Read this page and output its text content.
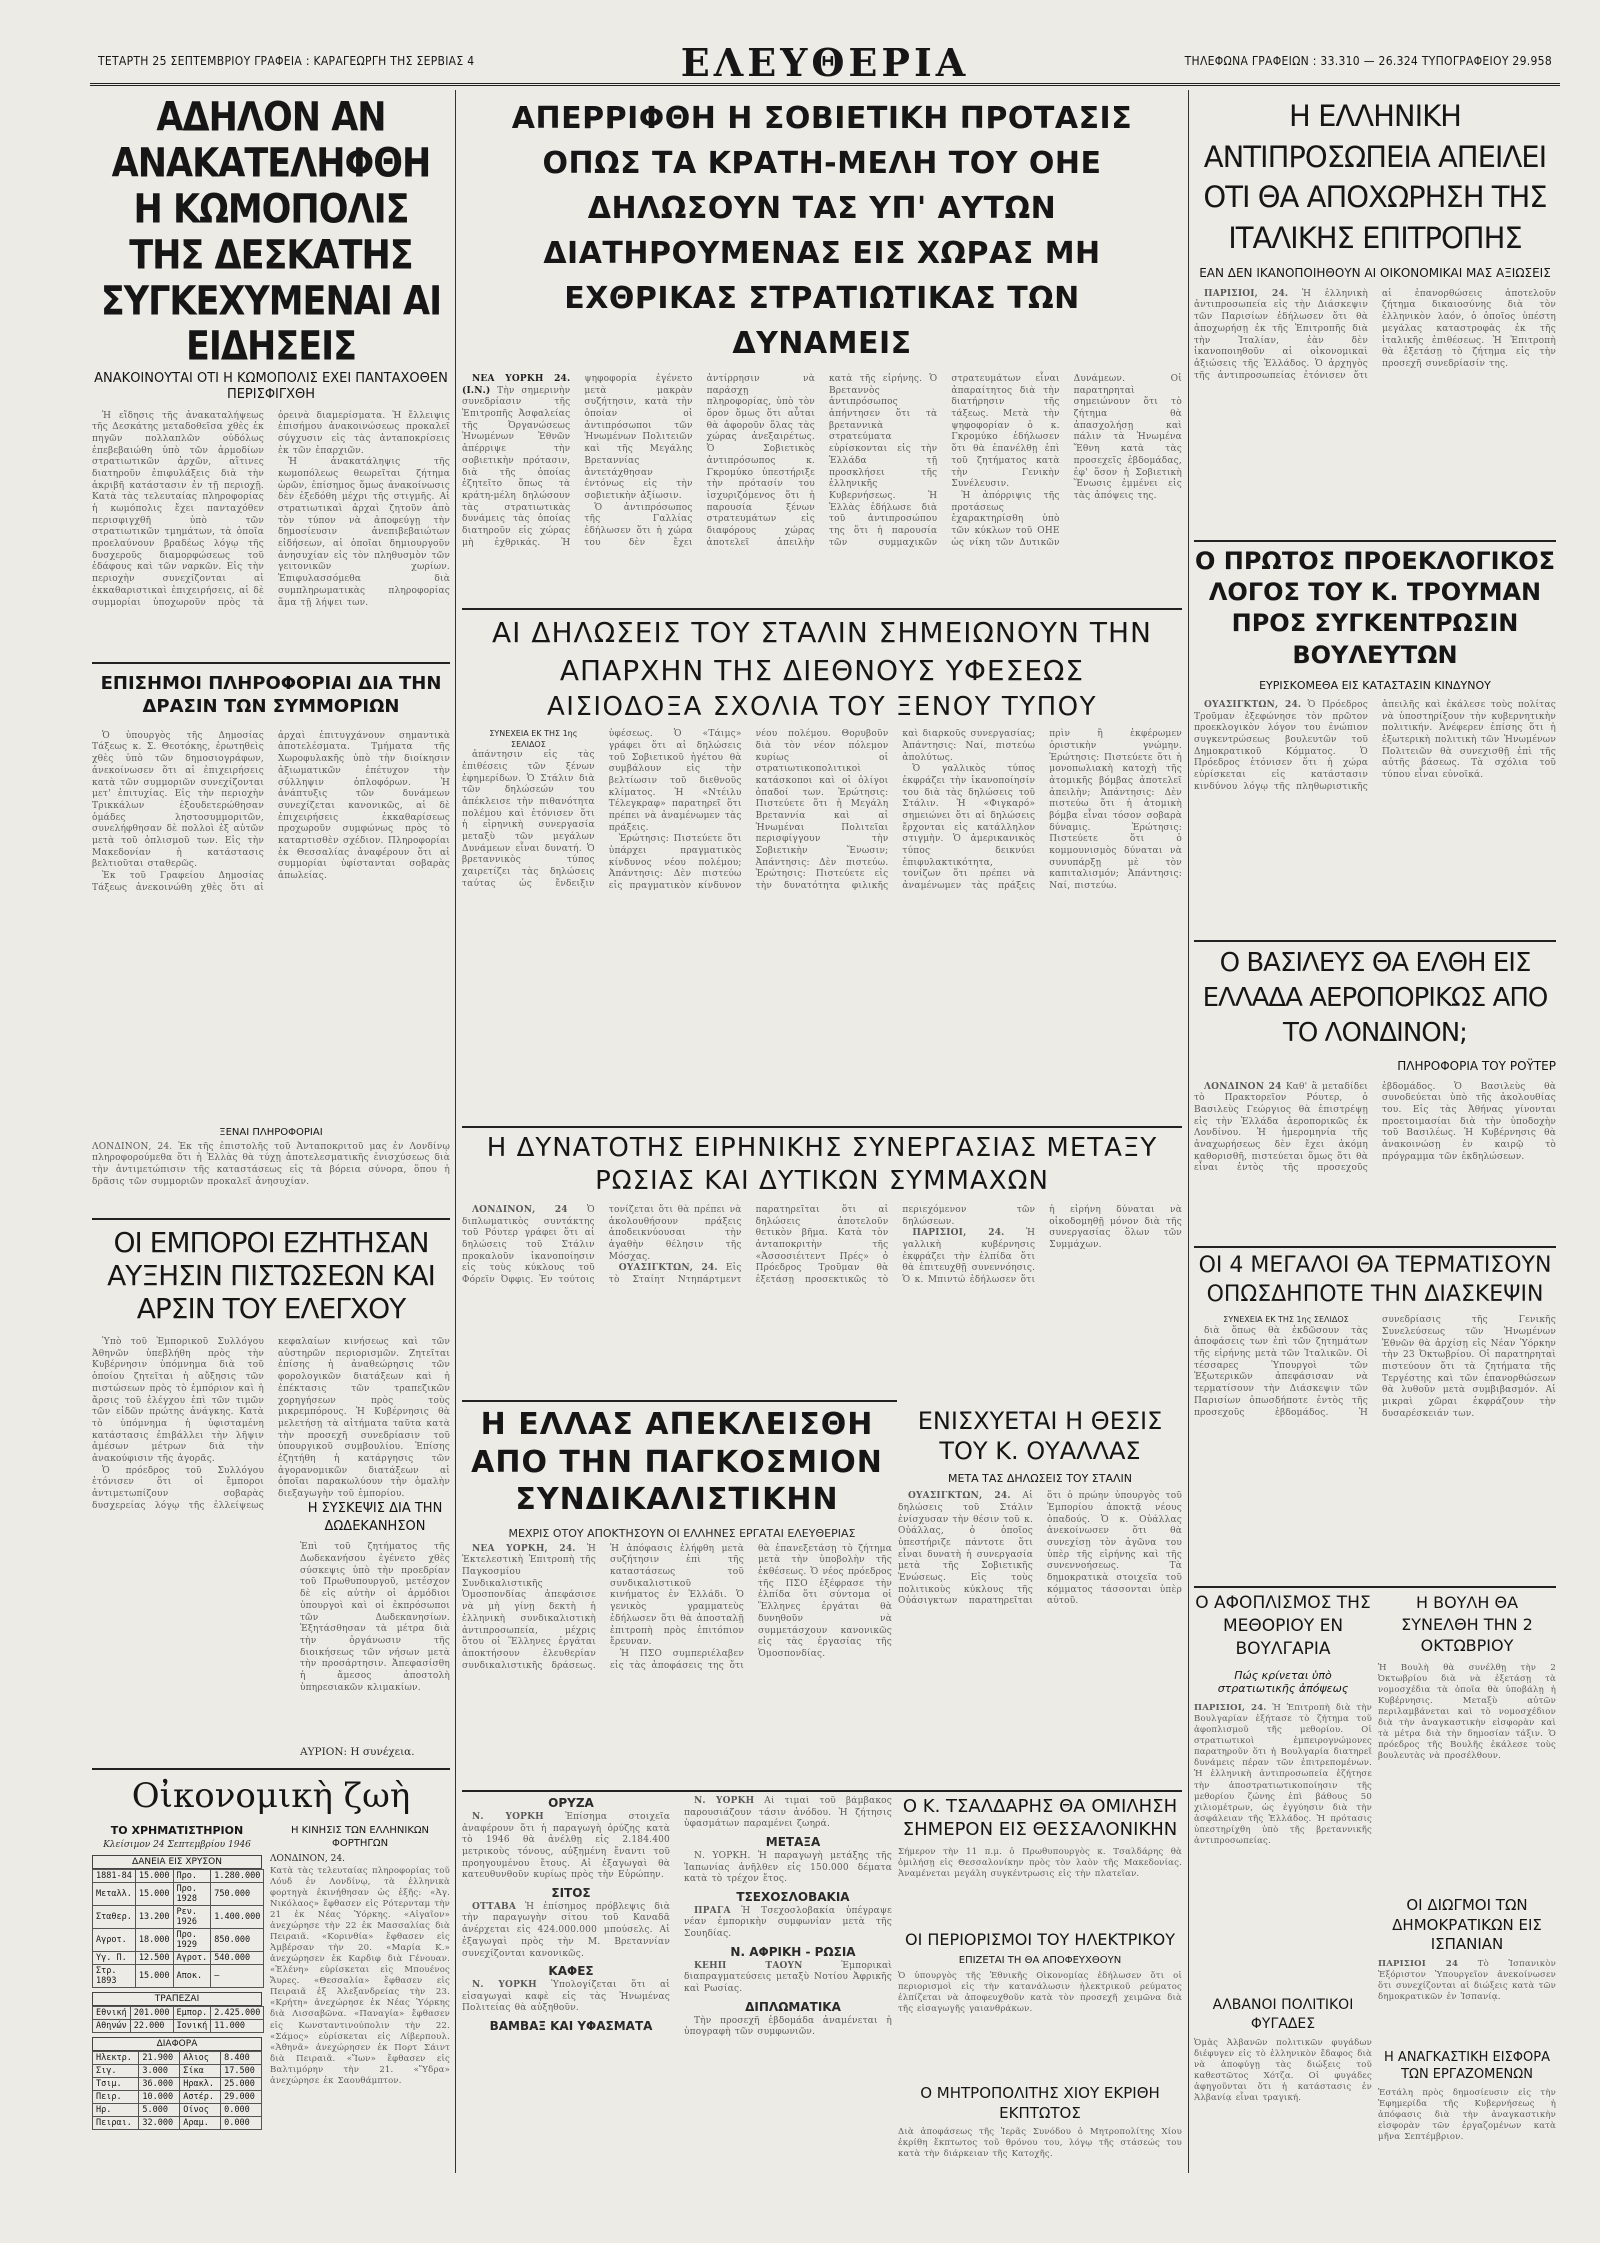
ΤΕΤΑΡΤΗ 25 ΣΕΠΤΕΜΒΡΙΟΥ ΓΡΑΦΕΙΑ : ΚΑΡΑΓΕΩΡΓΗ ΤΗΣ ΣΕΡΒΙΑΣ 4	ΕΛΕΥΘΕΡΙΑ	ΤΗΛΕΦΩΝΑ ΓΡΑΦΕΙΩΝ : 33.310 — 26.324 ΤΥΠΟΓΡΑΦΕΙΟΥ 29.958
ΑΔΗΛΟΝ ΑΝ ΑΝΑΚΑΤΕΛΗΦΘΗ Η ΚΩΜΟΠΟΛΙΣ ΤΗΣ ΔΕΣΚΑΤΗΣ ΣΥΓΚΕΧΥΜΕΝΑΙ ΑΙ ΕΙΔΗΣΕΙΣ
ΑΝΑΚΟΙΝΟΥΤΑΙ ΟΤΙ Η ΚΩΜΟΠΟΛΙΣ ΕΧΕΙ ΠΑΝΤΑΧΟΘΕΝ ΠΕΡΙΣΦΙΓΧΘΗ

Ἡ εἴδησις τῆς ἀνακαταλήψεως τῆς Δεσκάτης μεταδοθεῖσα χθὲς ἐκ πηγῶν πολλαπλῶν οὐδόλως ἐπεβεβαιώθη ὑπὸ τῶν ἁρμοδίων στρατιωτικῶν ἀρχῶν, αἵτινες διατηροῦν ἐπιφυλάξεις διὰ τὴν ἀκριβῆ κατάστασιν ἐν τῇ περιοχῇ. Κατὰ τὰς τελευταίας πληροφορίας ἡ κωμόπολις ἔχει πανταχόθεν περισφιγχθῆ ὑπὸ τῶν στρατιωτικῶν τμημάτων, τὰ ὁποῖα προελαύνουν βραδέως λόγῳ τῆς δυσχεροῦς διαμορφώσεως τοῦ ἐδάφους καὶ τῶν ναρκῶν. Εἰς τὴν περιοχὴν συνεχίζονται αἱ ἐκκαθαριστικαὶ ἐπιχειρήσεις, αἱ δὲ συμμορίαι ὑποχωροῦν πρὸς τὰ ὀρεινὰ διαμερίσματα. Ἡ ἔλλειψις ἐπισήμου ἀνακοινώσεως προκαλεῖ σύγχυσιν εἰς τὰς ἀνταποκρίσεις ἐκ τῶν ἐπαρχιῶν.

Ἡ ἀνακατάληψις τῆς κωμοπόλεως θεωρεῖται ζήτημα ὡρῶν, ἐπίσημος ὅμως ἀνακοίνωσις δὲν ἐξεδόθη μέχρι τῆς στιγμῆς. Αἱ στρατιωτικαὶ ἀρχαὶ ζητοῦν ἀπὸ τὸν τύπον νὰ ἀποφεύγῃ τὴν δημοσίευσιν ἀνεπιβεβαιώτων εἰδήσεων, αἱ ὁποῖαι δημιουργοῦν ἀνησυχίαν εἰς τὸν πληθυσμὸν τῶν γειτονικῶν χωρίων. Ἐπιφυλασσόμεθα διὰ συμπληρωματικὰς πληροφορίας ἅμα τῇ λήψει των.

ΕΠΙΣΗΜΟΙ ΠΛΗΡΟΦΟΡΙΑΙ ΔΙΑ ΤΗΝ ΔΡΑΣΙΝ ΤΩΝ ΣΥΜΜΟΡΙΩΝ

Ὁ ὑπουργὸς τῆς Δημοσίας Τάξεως κ. Σ. Θεοτόκης, ἐρωτηθεὶς χθὲς ὑπὸ τῶν δημοσιογράφων, ἀνεκοίνωσεν ὅτι αἱ ἐπιχειρήσεις κατὰ τῶν συμμοριῶν συνεχίζονται μετ' ἐπιτυχίας. Εἰς τὴν περιοχὴν Τρικκάλων ἐξουδετερώθησαν ὁμάδες ληστοσυμμοριτῶν, συνελήφθησαν δὲ πολλοὶ ἐξ αὐτῶν μετὰ τοῦ ὁπλισμοῦ των. Εἰς τὴν Μακεδονίαν ἡ κατάστασις βελτιοῦται σταθερῶς.

Ἐκ τοῦ Γραφείου Δημοσίας Τάξεως ἀνεκοινώθη χθὲς ὅτι αἱ ἀρχαὶ ἐπιτυγχάνουν σημαντικὰ ἀποτελέσματα. Τμήματα τῆς Χωροφυλακῆς ὑπὸ τὴν διοίκησιν ἀξιωματικῶν ἐπέτυχον τὴν σύλληψιν ὁπλοφόρων. Ἡ ἀνάπτυξις τῶν δυνάμεων συνεχίζεται κανονικῶς, αἱ δὲ ἐπιχειρήσεις ἐκκαθαρίσεως προχωροῦν συμφώνως πρὸς τὸ καταρτισθὲν σχέδιον. Πληροφορίαι ἐκ Θεσσαλίας ἀναφέρουν ὅτι αἱ συμμορίαι ὑφίστανται σοβαρὰς ἀπωλείας.

ΞΕΝΑΙ ΠΛΗΡΟΦΟΡΙΑΙ
ΛΟΝΔΙΝΟΝ, 24. Ἐκ τῆς ἐπιστολῆς τοῦ Ἀνταποκριτοῦ μας ἐν Λονδίνῳ πληροφορούμεθα ὅτι ἡ Ἑλλὰς θὰ τύχῃ ἀποτελεσματικῆς ἐνισχύσεως διὰ τὴν ἀντιμετώπισιν τῆς καταστάσεως εἰς τὰ βόρεια σύνορα, ὅπου ἡ δρᾶσις τῶν συμμοριῶν προκαλεῖ ἀνησυχίαν.
ΟΙ ΕΜΠΟΡΟΙ ΕΖΗΤΗΣΑΝ ΑΥΞΗΣΙΝ ΠΙΣΤΩΣΕΩΝ ΚΑΙ ΑΡΣΙΝ ΤΟΥ ΕΛΕΓΧΟΥ

Ὑπὸ τοῦ Ἐμπορικοῦ Συλλόγου Ἀθηνῶν ὑπεβλήθη πρὸς τὴν Κυβέρνησιν ὑπόμνημα διὰ τοῦ ὁποίου ζητεῖται ἡ αὔξησις τῶν πιστώσεων πρὸς τὸ ἐμπόριον καὶ ἡ ἄρσις τοῦ ἐλέγχου ἐπὶ τῶν τιμῶν τῶν εἰδῶν πρώτης ἀνάγκης. Κατὰ τὸ ὑπόμνημα ἡ ὑφισταμένη κατάστασις ἐπιβάλλει τὴν λῆψιν ἀμέσων μέτρων διὰ τὴν ἀνακούφισιν τῆς ἀγορᾶς.

Ὁ πρόεδρος τοῦ Συλλόγου ἐτόνισεν ὅτι οἱ ἔμποροι ἀντιμετωπίζουν σοβαρὰς δυσχερείας λόγῳ τῆς ἐλλείψεως κεφαλαίων κινήσεως καὶ τῶν αὐστηρῶν περιορισμῶν. Ζητεῖται ἐπίσης ἡ ἀναθεώρησις τῶν φορολογικῶν διατάξεων καὶ ἡ ἐπέκτασις τῶν τραπεζικῶν χορηγήσεων πρὸς τοὺς μικρεμπόρους. Ἡ Κυβέρνησις θὰ μελετήσῃ τὰ αἰτήματα ταῦτα κατὰ τὴν προσεχῆ συνεδρίασιν τοῦ ὑπουργικοῦ συμβουλίου. Ἐπίσης ἐζητήθη ἡ κατάργησις τῶν ἀγορανομικῶν διατάξεων αἱ ὁποῖαι παρακωλύουν τὴν ὁμαλὴν διεξαγωγὴν τοῦ ἐμπορίου.

Η ΣΥΣΚΕΨΙΣ ΔΙΑ ΤΗΝ ΔΩΔΕΚΑΝΗΣΟΝ
Ἐπὶ τοῦ ζητήματος τῆς Δωδεκανήσου ἐγένετο χθὲς σύσκεψις ὑπὸ τὴν προεδρίαν τοῦ Πρωθυπουργοῦ, μετέσχον δὲ εἰς αὐτὴν οἱ ἁρμόδιοι ὑπουργοὶ καὶ οἱ ἐκπρόσωποι τῶν Δωδεκανησίων. Ἐξητάσθησαν τὰ μέτρα διὰ τὴν ὀργάνωσιν τῆς διοικήσεως τῶν νήσων μετὰ τὴν προσάρτησιν. Ἀπεφασίσθη ἡ ἄμεσος ἀποστολὴ ὑπηρεσιακῶν κλιμακίων.
ΑΥΡΙΟΝ: Η συνέχεια.
Οἰκονομικὴ ζωὴ
ΤΟ ΧΡΗΜΑΤΙΣΤΗΡΙΟΝ
Κλείσιμον 24 Σεπτεμβρίου 1946
ΔΑΝΕΙΑ ΕΙΣ ΧΡΥΣΟΝ
1881-84	15.000	Προ.	1.280.000
Μεταλλ.	15.000	Προ. 1928	750.000
Σταθερ.	13.200	Ρεν. 1926	1.400.000
Αγροτ.	18.000	Προ. 1929	850.000
Υγ. Π.	12.500	Αγροτ.	540.000
Στρ. 1893	15.000	Αποκ.	—
ΤΡΑΠΕΖΑΙ
Εθνική	201.000	Εμπορ.	2.425.000
Αθηνών	22.000	Ιονική	11.000
ΔΙΑΦΟΡΑ
Ηλεκτρ.	21.900	Αλιος	8.400
Σιγ.	3.000	Σίκα	17.500
Τσιμ.	36.000	Ηρακλ.	25.000
Πειρ.	10.000	Αστέρ.	29.000
Ηρ.	5.000	Οίνος	0.000
Πειραι.	32.000	Αραμ.	0.000
Η ΚΙΝΗΣΙΣ ΤΩΝ ΕΛΛΗΝΙΚΩΝ ΦΟΡΤΗΓΩΝ
ΛΟΝΔΙΝΟΝ, 24.
Κατὰ τὰς τελευταίας πληροφορίας τοῦ Λόυδ ἐν Λονδίνῳ, τὰ ἑλληνικὰ φορτηγὰ ἐκινήθησαν ὡς ἑξῆς: «Ἀγ. Νικόλαος» ἔφθασεν εἰς Ρότερνταμ τὴν 21 ἐκ Νέας Ὑόρκης. «Αἰγαῖον» ἀνεχώρησε τὴν 22 ἐκ Μασσαλίας διὰ Πειραιᾶ. «Κορινθία» ἔφθασεν εἰς Ἀμβέρσαν τὴν 20. «Μαρία Κ.» ἀνεχώρησεν ἐκ Καρδιφ διὰ Γένουαν. «Ἑλένη» εὑρίσκεται εἰς Μπουένος Ἄυρες. «Θεσσαλία» ἔφθασεν εἰς Πειραιᾶ ἐξ Ἀλεξανδρείας τὴν 23. «Κρήτη» ἀνεχώρησε ἐκ Νέας Ὑόρκης διὰ Λισσαβῶνα. «Παναγία» ἔφθασεν εἰς Κωνσταντινούπολιν τὴν 22. «Σάμος» εὑρίσκεται εἰς Λίβερπουλ. «Ἀθηνᾶ» ἀνεχώρησεν ἐκ Πορτ Σάιντ διὰ Πειραιᾶ. «Ἴων» ἔφθασεν εἰς Βαλτιμόρην τὴν 21. «Ὕδρα» ἀνεχώρησε ἐκ Σαουθάμπτον.
ΑΠΕΡΡΙΦΘΗ Η ΣΟΒΙΕΤΙΚΗ ΠΡΟΤΑΣΙΣ ΟΠΩΣ ΤΑ ΚΡΑΤΗ-ΜΕΛΗ ΤΟΥ ΟΗΕ ΔΗΛΩΣΟΥΝ ΤΑΣ ΥΠ' ΑΥΤΩΝ ΔΙΑΤΗΡΟΥΜΕΝΑΣ ΕΙΣ ΧΩΡΑΣ ΜΗ ΕΧΘΡΙΚΑΣ ΣΤΡΑΤΙΩΤΙΚΑΣ ΤΩΝ ΔΥΝΑΜΕΙΣ

ΝΕΑ ΥΟΡΚΗ 24. (Ι.Ν.) Τὴν σημερινὴν συνεδρίασιν τῆς Ἐπιτροπῆς Ἀσφαλείας τῆς Ὀργανώσεως Ἡνωμένων Ἐθνῶν ἀπέρριψε τὴν σοβιετικὴν πρότασιν, διὰ τῆς ὁποίας ἐζητεῖτο ὅπως τὰ κράτη-μέλη δηλώσουν τὰς στρατιωτικὰς δυνάμεις τὰς ὁποίας διατηροῦν εἰς χώρας μὴ ἐχθρικάς. Ἡ ψηφοφορία ἐγένετο μετὰ μακρὰν συζήτησιν, κατὰ τὴν ὁποίαν οἱ ἀντιπρόσωποι τῶν Ἡνωμένων Πολιτειῶν καὶ τῆς Μεγάλης Βρεταννίας ἀντετάχθησαν ἐντόνως εἰς τὴν σοβιετικὴν ἀξίωσιν.

Ὁ ἀντιπρόσωπος τῆς Γαλλίας ἐδήλωσεν ὅτι ἡ χώρα του δὲν ἔχει ἀντίρρησιν νὰ παράσχῃ πληροφορίας, ὑπὸ τὸν ὅρον ὅμως ὅτι αὗται θὰ ἀφοροῦν ὅλας τὰς χώρας ἀνεξαιρέτως. Ὁ Σοβιετικὸς ἀντιπρόσωπος κ. Γκρομύκο ὑπεστήριξε τὴν πρότασίν του ἰσχυριζόμενος ὅτι ἡ παρουσία ξένων στρατευμάτων εἰς διαφόρους χώρας ἀποτελεῖ ἀπειλὴν κατὰ τῆς εἰρήνης. Ὁ Βρεταννὸς ἀντιπρόσωπος ἀπήντησεν ὅτι τὰ βρεταννικὰ στρατεύματα εὑρίσκονται εἰς τὴν Ἑλλάδα τῇ προσκλήσει τῆς ἑλληνικῆς Κυβερνήσεως. Ἡ Ἑλλὰς ἐδήλωσε διὰ τοῦ ἀντιπροσώπου της ὅτι ἡ παρουσία τῶν συμμαχικῶν στρατευμάτων εἶναι ἀπαραίτητος διὰ τὴν διατήρησιν τῆς τάξεως. Μετὰ τὴν ψηφοφορίαν ὁ κ. Γκρομύκο ἐδήλωσεν ὅτι θὰ ἐπανέλθῃ ἐπὶ τοῦ ζητήματος κατὰ τὴν Γενικὴν Συνέλευσιν.

Ἡ ἀπόρριψις τῆς προτάσεως ἐχαρακτηρίσθη ὑπὸ τῶν κύκλων τοῦ ΟΗΕ ὡς νίκη τῶν Δυτικῶν Δυνάμεων. Οἱ παρατηρηταὶ σημειώνουν ὅτι τὸ ζήτημα θὰ ἀπασχολήσῃ καὶ πάλιν τὰ Ἡνωμένα Ἔθνη κατὰ τὰς προσεχεῖς ἑβδομάδας, ἐφ' ὅσον ἡ Σοβιετικὴ Ἕνωσις ἐμμένει εἰς τὰς ἀπόψεις της.

ΑΙ ΔΗΛΩΣΕΙΣ ΤΟΥ ΣΤΑΛΙΝ ΣΗΜΕΙΩΝΟΥΝ ΤΗΝ ΑΠΑΡΧΗΝ ΤΗΣ ΔΙΕΘΝΟΥΣ ΥΦΕΣΕΩΣ
ΑΙΣΙΟΔΟΞΑ ΣΧΟΛΙΑ ΤΟΥ ΞΕΝΟΥ ΤΥΠΟΥ

ΣΥΝΕΧΕΙΑ ΕΚ ΤΗΣ 1ης ΣΕΛΙΔΟΣ

ἀπάντησιν εἰς τὰς ἐπιθέσεις τῶν ξένων ἐφημερίδων. Ὁ Στάλιν διὰ τῶν δηλώσεών του ἀπέκλεισε τὴν πιθανότητα πολέμου καὶ ἐτόνισεν ὅτι ἡ εἰρηνικὴ συνεργασία μεταξὺ τῶν μεγάλων Δυνάμεων εἶναι δυνατή. Ὁ βρεταννικὸς τύπος χαιρετίζει τὰς δηλώσεις ταύτας ὡς ἔνδειξιν ὑφέσεως. Ὁ «Τάιμς» γράφει ὅτι αἱ δηλώσεις τοῦ Σοβιετικοῦ ἡγέτου θὰ συμβάλουν εἰς τὴν βελτίωσιν τοῦ διεθνοῦς κλίματος. Ἡ «Ντέιλυ Τέλεγκραφ» παρατηρεῖ ὅτι πρέπει νὰ ἀναμένωμεν τὰς πράξεις.

Ἐρώτησις: Πιστεύετε ὅτι ὑπάρχει πραγματικὸς κίνδυνος νέου πολέμου; Ἀπάντησις: Δὲν πιστεύω εἰς πραγματικὸν κίνδυνον νέου πολέμου. Θορυβοῦν διὰ τὸν νέον πόλεμον κυρίως οἱ στρατιωτικοπολιτικοὶ κατάσκοποι καὶ οἱ ὀλίγοι ὀπαδοί των. Ἐρώτησις: Πιστεύετε ὅτι ἡ Μεγάλη Βρεταννία καὶ αἱ Ἡνωμέναι Πολιτεῖαι περισφίγγουν τὴν Σοβιετικὴν Ἕνωσιν; Ἀπάντησις: Δὲν πιστεύω. Ἐρώτησις: Πιστεύετε εἰς τὴν δυνατότητα φιλικῆς καὶ διαρκοῦς συνεργασίας; Ἀπάντησις: Ναί, πιστεύω ἀπολύτως.

Ὁ γαλλικὸς τύπος ἐκφράζει τὴν ἱκανοποίησίν του διὰ τὰς δηλώσεις τοῦ Στάλιν. Ἡ «Φιγκαρό» σημειώνει ὅτι αἱ δηλώσεις ἔρχονται εἰς κατάλληλον στιγμὴν. Ὁ ἀμερικανικὸς τύπος δεικνύει ἐπιφυλακτικότητα, τονίζων ὅτι πρέπει νὰ ἀναμένωμεν τὰς πράξεις πρὶν ἢ ἐκφέρωμεν ὁριστικὴν γνώμην. Ἐρώτησις: Πιστεύετε ὅτι ἡ μονοπωλιακὴ κατοχὴ τῆς ἀτομικῆς βόμβας ἀποτελεῖ ἀπειλὴν; Ἀπάντησις: Δὲν πιστεύω ὅτι ἡ ἀτομικὴ βόμβα εἶναι τόσον σοβαρὰ δύναμις. Ἐρώτησις: Πιστεύετε ὅτι ὁ κομμουνισμὸς δύναται νὰ συνυπάρξῃ μὲ τὸν καπιταλισμόν; Ἀπάντησις: Ναί, πιστεύω.

Η ΔΥΝΑΤΟΤΗΣ ΕΙΡΗΝΙΚΗΣ ΣΥΝΕΡΓΑΣΙΑΣ ΜΕΤΑΞΥ ΡΩΣΙΑΣ ΚΑΙ ΔΥΤΙΚΩΝ ΣΥΜΜΑΧΩΝ

ΛΟΝΔΙΝΟΝ, 24 Ὁ διπλωματικὸς συντάκτης τοῦ Ρόυτερ γράφει ὅτι αἱ δηλώσεις τοῦ Στάλιν προκαλοῦν ἱκανοποίησιν εἰς τοὺς κύκλους τοῦ Φόρεϊν Όφφις. Ἐν τούτοις τονίζεται ὅτι θὰ πρέπει νὰ ἀκολουθήσουν πράξεις ἀποδεικνύουσαι τὴν ἀγαθὴν θέλησιν τῆς Μόσχας.

ΟΥΑΣΙΓΚΤΩΝ, 24. Εἰς τὸ Σταίητ Ντηπάρτμεντ παρατηρεῖται ὅτι αἱ δηλώσεις ἀποτελοῦν θετικὸν βῆμα. Κατὰ τὸν ἀνταποκριτὴν τῆς «Ἀσσοσιέιτεντ Πρές» ὁ Πρόεδρος Τροῦμαν θὰ ἐξετάσῃ προσεκτικῶς τὸ περιεχόμενον τῶν δηλώσεων.

ΠΑΡΙΣΙΟΙ, 24. Ἡ γαλλικὴ κυβέρνησις ἐκφράζει τὴν ἐλπίδα ὅτι θὰ ἐπιτευχθῇ συνεννόησις. Ὁ κ. Μπιντώ ἐδήλωσεν ὅτι ἡ εἰρήνη δύναται νὰ οἰκοδομηθῇ μόνον διὰ τῆς συνεργασίας ὅλων τῶν Συμμάχων.

Η ΕΛΛΑΣ ΑΠΕΚΛΕΙΣΘΗ ΑΠΟ ΤΗΝ ΠΑΓΚΟΣΜΙΟΝ ΣΥΝΔΙΚΑΛΙΣΤΙΚΗΝ

ΜΕΧΡΙΣ ΟΤΟΥ ΑΠΟΚΤΗΣΟΥΝ ΟΙ ΕΛΛΗΝΕΣ ΕΡΓΑΤΑΙ ΕΛΕΥΘΕΡΙΑΣ

ΝΕΑ ΥΟΡΚΗ, 24. Ἡ Ἐκτελεστικὴ Ἐπιτροπὴ τῆς Παγκοσμίου Συνδικαλιστικῆς Ὁμοσπονδίας ἀπεφάσισε νὰ μὴ γίνῃ δεκτὴ ἡ ἑλληνικὴ συνδικαλιστικὴ ἀντιπροσωπεία, μέχρις ὅτου οἱ Ἕλληνες ἐργάται ἀποκτήσουν ἐλευθερίαν συνδικαλιστικῆς δράσεως. Ἡ ἀπόφασις ἐλήφθη μετὰ συζήτησιν ἐπὶ τῆς καταστάσεως τοῦ συνδικαλιστικοῦ κινήματος ἐν Ἑλλάδι. Ὁ γενικὸς γραμματεὺς ἐδήλωσεν ὅτι θὰ ἀποσταλῇ ἐπιτροπὴ πρὸς ἐπιτόπιον ἔρευναν.

Ἡ ΠΣΟ συμπεριέλαβεν εἰς τὰς ἀποφάσεις της ὅτι θὰ ἐπανεξετάσῃ τὸ ζήτημα μετὰ τὴν ὑποβολὴν τῆς ἐκθέσεως. Ὁ νέος πρόεδρος τῆς ΠΣΟ ἐξέφρασε τὴν ἐλπίδα ὅτι σύντομα οἱ Ἕλληνες ἐργάται θὰ δυνηθοῦν νὰ συμμετάσχουν κανονικῶς εἰς τὰς ἐργασίας τῆς Ὁμοσπονδίας.

ΕΝΙΣΧΥΕΤΑΙ Η ΘΕΣΙΣ ΤΟΥ Κ. ΟΥΑΛΛΑΣ
ΜΕΤΑ ΤΑΣ ΔΗΛΩΣΕΙΣ ΤΟΥ ΣΤΑΛΙΝ

ΟΥΑΣΙΓΚΤΩΝ, 24. Αἱ δηλώσεις τοῦ Στάλιν ἐνίσχυσαν τὴν θέσιν τοῦ κ. Οὐάλλας, ὁ ὁποῖος ὑπεστήριζε πάντοτε ὅτι εἶναι δυνατὴ ἡ συνεργασία μετὰ τῆς Σοβιετικῆς Ἑνώσεως. Εἰς τοὺς πολιτικοὺς κύκλους τῆς Οὐάσιγκτων παρατηρεῖται ὅτι ὁ πρώην ὑπουργὸς τοῦ Ἐμπορίου ἀποκτᾷ νέους ὀπαδούς. Ὁ κ. Οὐάλλας ἀνεκοίνωσεν ὅτι θὰ συνεχίσῃ τὸν ἀγῶνα του ὑπὲρ τῆς εἰρήνης καὶ τῆς συνεννοήσεως. Τὰ δημοκρατικὰ στοιχεῖα τοῦ κόμματος τάσσονται ὑπὲρ αὐτοῦ.

ΟΡΥΖΑ

Ν. ΥΟΡΚΗ Ἐπίσημα στοιχεῖα ἀναφέρουν ὅτι ἡ παραγωγὴ ὀρύζης κατὰ τὸ 1946 θὰ ἀνέλθῃ εἰς 2.184.400 μετρικοὺς τόνους, αὐξημένη ἔναντι τοῦ προηγουμένου ἔτους. Αἱ ἐξαγωγαὶ θὰ κατευθυνθοῦν κυρίως πρὸς τὴν Εὐρώπην.

ΣΙΤΟΣ

ΟΤΤΑΒΑ Ἡ ἐπίσημος πρόβλεψις διὰ τὴν παραγωγὴν σίτου τοῦ Καναδᾶ ἀνέρχεται εἰς 424.000.000 μπούσελς. Αἱ ἐξαγωγαὶ πρὸς τὴν Μ. Βρεταννίαν συνεχίζονται κανονικῶς.

ΚΑΦΕΣ

Ν. ΥΟΡΚΗ Ὑπολογίζεται ὅτι αἱ εἰσαγωγαὶ καφὲ εἰς τὰς Ἡνωμένας Πολιτείας θὰ αὐξηθοῦν.

ΒΑΜΒΑΞ ΚΑΙ ΥΦΑΣΜΑΤΑ

Ν. ΥΟΡΚΗ Αἱ τιμαὶ τοῦ βάμβακος παρουσιάζουν τάσιν ἀνόδου. Ἡ ζήτησις ὑφασμάτων παραμένει ζωηρά.

ΜΕΤΑΞΑ

Ν. ΥΟΡΚΗ. Ἡ παραγωγὴ μετάξης τῆς Ἰαπωνίας ἀνῆλθεν εἰς 150.000 δέματα κατὰ τὸ τρέχον ἔτος.

ΤΣΕΧΟΣΛΟΒΑΚΙΑ

ΠΡΑΓΑ Ἡ Τσεχοσλοβακία ὑπέγραψε νέαν ἐμπορικὴν συμφωνίαν μετὰ τῆς Σουηδίας.

Ν. ΑΦΡΙΚΗ - ΡΩΣΙΑ

ΚΕΗΠ ΤΑΟΥΝ Ἐμπορικαὶ διαπραγματεύσεις μεταξὺ Νοτίου Ἀφρικῆς καὶ Ρωσίας.

ΔΙΠΛΩΜΑΤΙΚΑ

Τὴν προσεχῆ ἑβδομάδα ἀναμένεται ἡ ὑπογραφὴ τῶν συμφωνιῶν.

Ο Κ. ΤΣΑΛΔΑΡΗΣ ΘΑ ΟΜΙΛΗΣΗ ΣΗΜΕΡΟΝ ΕΙΣ ΘΕΣΣΑΛΟΝΙΚΗΝ
Σήμερον τὴν 11 π.μ. ὁ Πρωθυπουργὸς κ. Τσαλδάρης θὰ ὁμιλήσῃ εἰς Θεσσαλονίκην πρὸς τὸν λαὸν τῆς Μακεδονίας. Ἀναμένεται μεγάλη συγκέντρωσις εἰς τὴν πλατεῖαν.
ΟΙ ΠΕΡΙΟΡΙΣΜΟΙ ΤΟΥ ΗΛΕΚΤΡΙΚΟΥ
ΕΠΙΖΕΤΑΙ ΤΗ ΘΑ ΑΠΟΦΕΥΧΘΟΥΝ
Ὁ ὑπουργὸς τῆς Ἐθνικῆς Οἰκονομίας ἐδήλωσεν ὅτι οἱ περιορισμοὶ εἰς τὴν κατανάλωσιν ἠλεκτρικοῦ ρεύματος ἐλπίζεται νὰ ἀποφευχθοῦν κατὰ τὸν προσεχῆ χειμῶνα διὰ τῆς εἰσαγωγῆς γαιανθράκων.
Ο ΜΗΤΡΟΠΟΛΙΤΗΣ ΧΙΟΥ ΕΚΡΙΘΗ ΕΚΠΤΩΤΟΣ
Διὰ ἀποφάσεως τῆς Ἱερᾶς Συνόδου ὁ Μητροπολίτης Χίου ἐκρίθη ἔκπτωτος τοῦ θρόνου του, λόγῳ τῆς στάσεώς του κατὰ τὴν διάρκειαν τῆς Κατοχῆς.
Η ΕΛΛΗΝΙΚΗ ΑΝΤΙΠΡΟΣΩΠΕΙΑ ΑΠΕΙΛΕΙ ΟΤΙ ΘΑ ΑΠΟΧΩΡΗΣΗ ΤΗΣ ΙΤΑΛΙΚΗΣ ΕΠΙΤΡΟΠΗΣ
ΕΑΝ ΔΕΝ ΙΚΑΝΟΠΟΙΗΘΟΥΝ ΑΙ ΟΙΚΟΝΟΜΙΚΑΙ ΜΑΣ ΑΞΙΩΣΕΙΣ

ΠΑΡΙΣΙΟΙ, 24. Ἡ ἑλληνικὴ ἀντιπροσωπεία εἰς τὴν Διάσκεψιν τῶν Παρισίων ἐδήλωσεν ὅτι θὰ ἀποχωρήσῃ ἐκ τῆς Ἐπιτροπῆς διὰ τὴν Ἰταλίαν, ἐὰν δὲν ἱκανοποιηθοῦν αἱ οἰκονομικαὶ ἀξιώσεις τῆς Ἑλλάδος. Ὁ ἀρχηγὸς τῆς ἀντιπροσωπείας ἐτόνισεν ὅτι αἱ ἐπανορθώσεις ἀποτελοῦν ζήτημα δικαιοσύνης διὰ τὸν ἑλληνικὸν λαόν, ὁ ὁποῖος ὑπέστη μεγάλας καταστροφὰς ἐκ τῆς ἰταλικῆς ἐπιθέσεως. Ἡ Ἐπιτροπὴ θὰ ἐξετάσῃ τὸ ζήτημα εἰς τὴν προσεχῆ συνεδρίασίν της.

Ο ΠΡΩΤΟΣ ΠΡΟΕΚΛΟΓΙΚΟΣ ΛΟΓΟΣ ΤΟΥ Κ. ΤΡΟΥΜΑΝ ΠΡΟΣ ΣΥΓΚΕΝΤΡΩΣΙΝ ΒΟΥΛΕΥΤΩΝ
ΕΥΡΙΣΚΟΜΕΘΑ ΕΙΣ ΚΑΤΑΣΤΑΣΙΝ ΚΙΝΔΥΝΟΥ

ΟΥΑΣΙΓΚΤΩΝ, 24. Ὁ Πρόεδρος Τροῦμαν ἐξεφώνησε τὸν πρῶτον προεκλογικὸν λόγον του ἐνώπιον συγκεντρώσεως βουλευτῶν τοῦ Δημοκρατικοῦ Κόμματος. Ὁ Πρόεδρος ἐτόνισεν ὅτι ἡ χώρα εὑρίσκεται εἰς κατάστασιν κινδύνου λόγῳ τῆς πληθωριστικῆς ἀπειλῆς καὶ ἐκάλεσε τοὺς πολίτας νὰ ὑποστηρίξουν τὴν κυβερνητικὴν πολιτικήν. Ἀνέφερεν ἐπίσης ὅτι ἡ ἐξωτερικὴ πολιτικὴ τῶν Ἡνωμένων Πολιτειῶν θὰ συνεχισθῇ ἐπὶ τῆς αὐτῆς βάσεως. Τὰ σχόλια τοῦ τύπου εἶναι εὐνοϊκά.

Ο ΒΑΣΙΛΕΥΣ ΘΑ ΕΛΘΗ ΕΙΣ ΕΛΛΑΔΑ ΑΕΡΟΠΟΡΙΚΩΣ ΑΠΟ ΤΟ ΛΟΝΔΙΝΟΝ;
ΠΛΗΡΟΦΟΡΙΑ ΤΟΥ ΡΟΫΤΕΡ

ΛΟΝΔΙΝΟΝ 24 Καθ' ἃ μεταδίδει τὸ Πρακτορεῖον Ρόυτερ, ὁ Βασιλεὺς Γεώργιος θὰ ἐπιστρέψῃ εἰς τὴν Ἑλλάδα ἀεροπορικῶς ἐκ Λονδίνου. Ἡ ἡμερομηνία τῆς ἀναχωρήσεως δὲν ἔχει ἀκόμη καθορισθῆ, πιστεύεται ὅμως ὅτι θὰ εἶναι ἐντὸς τῆς προσεχοῦς ἑβδομάδος. Ὁ Βασιλεὺς θὰ συνοδεύεται ὑπὸ τῆς ἀκολουθίας του. Εἰς τὰς Ἀθήνας γίνονται προετοιμασίαι διὰ τὴν ὑποδοχὴν τοῦ Βασιλέως. Ἡ Κυβέρνησις θὰ ἀνακοινώσῃ ἐν καιρῷ τὸ πρόγραμμα τῶν ἐκδηλώσεων.

ΟΙ 4 ΜΕΓΑΛΟΙ ΘΑ ΤΕΡΜΑΤΙΣΟΥΝ ΟΠΩΣΔΗΠΟΤΕ ΤΗΝ ΔΙΑΣΚΕΨΙΝ

ΣΥΝΕΧΕΙΑ ΕΚ ΤΗΣ 1ης ΣΕΛΙΔΟΣ

διὰ ὅπως θὰ ἐκδῶσουν τὰς ἀποφάσεις των ἐπὶ τῶν ζητημάτων τῆς εἰρήνης μετὰ τῶν Ἰταλικῶν. Οἱ τέσσαρες Ὑπουργοὶ τῶν Ἐξωτερικῶν ἀπεφάσισαν νὰ τερματίσουν τὴν Διάσκεψιν τῶν Παρισίων ὁπωσδήποτε ἐντὸς τῆς προσεχοῦς ἑβδομάδος. Ἡ συνεδρίασις τῆς Γενικῆς Συνελεύσεως τῶν Ἡνωμένων Ἐθνῶν θὰ ἀρχίσῃ εἰς Νέαν Ὑόρκην τὴν 23 Ὀκτωβρίου. Οἱ παρατηρηταὶ πιστεύουν ὅτι τὰ ζητήματα τῆς Τεργέστης καὶ τῶν ἐπανορθώσεων θὰ λυθοῦν μετὰ συμβιβασμόν. Αἱ μικραὶ χῶραι ἐκφράζουν τὴν δυσαρέσκειάν των.

Ο ΑΦΟΠΛΙΣΜΟΣ ΤΗΣ ΜΕΘΟΡΙΟΥ ΕΝ ΒΟΥΛΓΑΡΙΑ
Πώς κρίνεται ὑπὸ στρατιωτικῆς ἀπόψεως
ΠΑΡΙΣΙΟΙ, 24. Ἡ Ἐπιτροπὴ διὰ τὴν Βουλγαρίαν ἐξήτασε τὸ ζήτημα τοῦ ἀφοπλισμοῦ τῆς μεθορίου. Οἱ στρατιωτικοὶ ἐμπειρογνώμονες παρατηροῦν ὅτι ἡ Βουλγαρία διατηρεῖ δυνάμεις πέραν τῶν ἐπιτρεπομένων. Ἡ ἑλληνικὴ ἀντιπροσωπεία ἐζήτησε τὴν ἀποστρατιωτικοποίησιν τῆς μεθορίου ζώνης ἐπὶ βάθους 50 χιλιομέτρων, ὡς ἐγγύησιν διὰ τὴν ἀσφάλειαν τῆς Ἑλλάδος. Ἡ πρότασις ὑπεστηρίχθη ὑπὸ τῆς βρεταννικῆς ἀντιπροσωπείας.
Η ΒΟΥΛΗ ΘΑ ΣΥΝΕΛΘΗ ΤΗΝ 2 ΟΚΤΩΒΡΙΟΥ
Ἡ Βουλὴ θὰ συνέλθῃ τὴν 2 Ὀκτωβρίου διὰ νὰ ἐξετάσῃ τὰ νομοσχέδια τὰ ὁποῖα θὰ ὑποβάλῃ ἡ Κυβέρνησις. Μεταξὺ αὐτῶν περιλαμβάνεται καὶ τὸ νομοσχέδιον διὰ τὴν ἀναγκαστικὴν εἰσφορὰν καὶ τὰ μέτρα διὰ τὴν δημοσίαν τάξιν. Ὁ πρόεδρος τῆς Βουλῆς ἐκάλεσε τοὺς βουλευτὰς νὰ προσέλθουν.
ΑΛΒΑΝΟΙ ΠΟΛΙΤΙΚΟΙ ΦΥΓΑΔΕΣ
Ὁμὰς Ἀλβανῶν πολιτικῶν φυγάδων διέφυγεν εἰς τὸ ἑλληνικὸν ἔδαφος διὰ νὰ ἀποφύγῃ τὰς διώξεις τοῦ καθεστῶτος Χότζα. Οἱ φυγάδες ἀφηγοῦνται ὅτι ἡ κατάστασις ἐν Ἀλβανίᾳ εἶναι τραγική.
ΟΙ ΔΙΩΓΜΟΙ ΤΩΝ ΔΗΜΟΚΡΑΤΙΚΩΝ ΕΙΣ ΙΣΠΑΝΙΑΝ
ΠΑΡΙΣΙΟΙ 24 Τὸ Ἰσπανικὸν Ἐξόριστον Ὑπουργεῖον ἀνεκοίνωσεν ὅτι συνεχίζονται αἱ διώξεις κατὰ τῶν δημοκρατικῶν ἐν Ἰσπανίᾳ.
Η ΑΝΑΓΚΑΣΤΙΚΗ ΕΙΣΦΟΡΑ ΤΩΝ ΕΡΓΑΖΟΜΕΝΩΝ
Ἐστάλη πρὸς δημοσίευσιν εἰς τὴν Ἐφημερίδα τῆς Κυβερνήσεως ἡ ἀπόφασις διὰ τὴν ἀναγκαστικὴν εἰσφορὰν τῶν ἐργαζομένων κατὰ μῆνα Σεπτέμβριον.
